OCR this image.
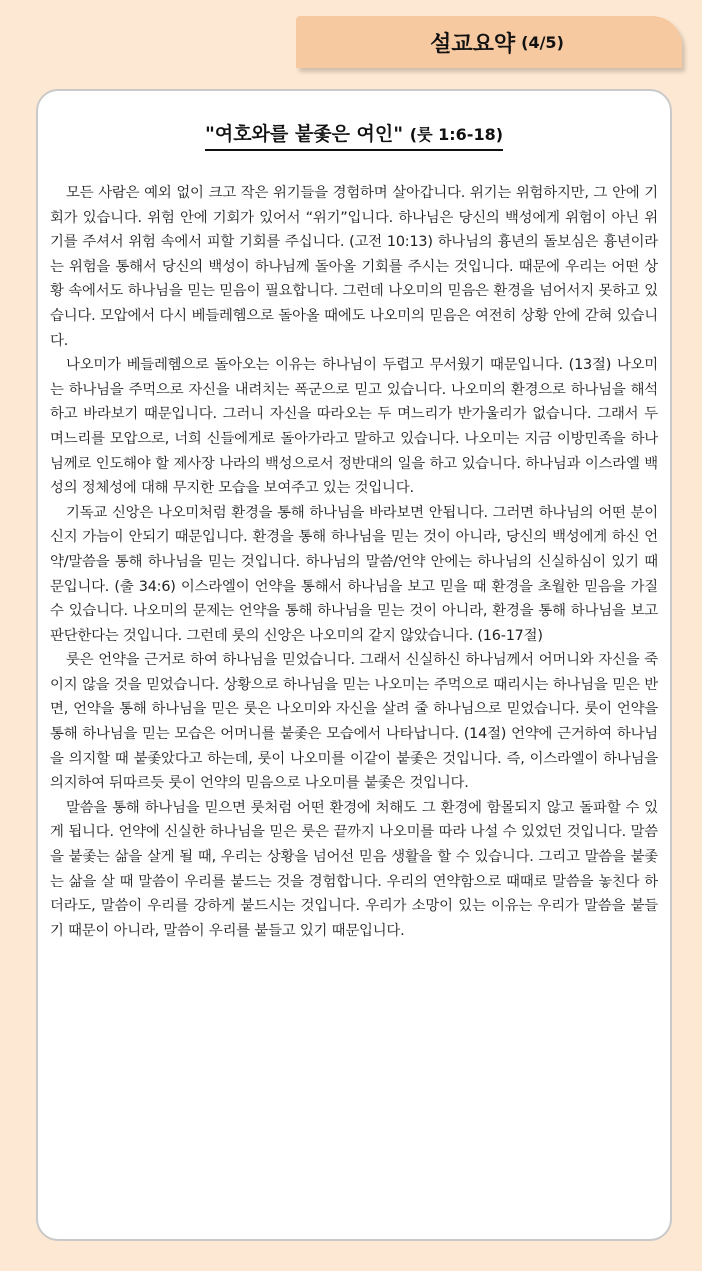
설교요약 (4/5)
"여호와를 붙좇은 여인" (룻 1:6-18)

모든 사람은 예외 없이 크고 작은 위기들을 경험하며 살아갑니다. 위기는 위험하지만, 그 안에 기회가 있습니다. 위험 안에 기회가 있어서 “위기”입니다. 하나님은 당신의 백성에게 위험이 아닌 위기를 주셔서 위험 속에서 피할 기회를 주십니다. (고전 10:13) 하나님의 흉년의 돌보심은 흉년이라는 위험을 통해서 당신의 백성이 하나님께 돌아올 기회를 주시는 것입니다. 때문에 우리는 어떤 상황 속에서도 하나님을 믿는 믿음이 필요합니다. 그런데 나오미의 믿음은 환경을 넘어서지 못하고 있습니다. 모압에서 다시 베들레헴으로 돌아올 때에도 나오미의 믿음은 여전히 상황 안에 갇혀 있습니다.

나오미가 베들레헴으로 돌아오는 이유는 하나님이 두렵고 무서웠기 때문입니다. (13절) 나오미는 하나님을 주먹으로 자신을 내려치는 폭군으로 믿고 있습니다. 나오미의 환경으로 하나님을 해석하고 바라보기 때문입니다. 그러니 자신을 따라오는 두 며느리가 반가울리가 없습니다. 그래서 두 며느리를 모압으로, 너희 신들에게로 돌아가라고 말하고 있습니다. 나오미는 지금 이방민족을 하나님께로 인도해야 할 제사장 나라의 백성으로서 정반대의 일을 하고 있습니다. 하나님과 이스라엘 백성의 정체성에 대해 무지한 모습을 보여주고 있는 것입니다.

기독교 신앙은 나오미처럼 환경을 통해 하나님을 바라보면 안됩니다. 그러면 하나님의 어떤 분이신지 가늠이 안되기 때문입니다. 환경을 통해 하나님을 믿는 것이 아니라, 당신의 백성에게 하신 언약/말씀을 통해 하나님을 믿는 것입니다. 하나님의 말씀/언약 안에는 하나님의 신실하심이 있기 때문입니다. (출 34:6) 이스라엘이 언약을 통해서 하나님을 보고 믿을 때 환경을 초월한 믿음을 가질 수 있습니다. 나오미의 문제는 언약을 통해 하나님을 믿는 것이 아니라, 환경을 통해 하나님을 보고 판단한다는 것입니다. 그런데 룻의 신앙은 나오미의 같지 않았습니다. (16-17절)

룻은 언약을 근거로 하여 하나님을 믿었습니다. 그래서 신실하신 하나님께서 어머니와 자신을 죽이지 않을 것을 믿었습니다. 상황으로 하나님을 믿는 나오미는 주먹으로 때리시는 하나님을 믿은 반면, 언약을 통해 하나님을 믿은 룻은 나오미와 자신을 살려 줄 하나님으로 믿었습니다. 룻이 언약을 통해 하나님을 믿는 모습은 어머니를 붙좇은 모습에서 나타납니다. (14절) 언약에 근거하여 하나님을 의지할 때 붙좇았다고 하는데, 룻이 나오미를 이같이 붙좇은 것입니다. 즉, 이스라엘이 하나님을 의지하여 뒤따르듯 룻이 언약의 믿음으로 나오미를 붙좇은 것입니다.

말씀을 통해 하나님을 믿으면 룻처럼 어떤 환경에 처해도 그 환경에 함몰되지 않고 돌파할 수 있게 됩니다. 언약에 신실한 하나님을 믿은 룻은 끝까지 나오미를 따라 나설 수 있었던 것입니다. 말씀을 붙좇는 삶을 살게 될 때, 우리는 상황을 넘어선 믿음 생활을 할 수 있습니다. 그리고 말씀을 붙좇는 삶을 살 때 말씀이 우리를 붙드는 것을 경험합니다. 우리의 연약함으로 때때로 말씀을 놓친다 하더라도, 말씀이 우리를 강하게 붙드시는 것입니다. 우리가 소망이 있는 이유는 우리가 말씀을 붙들기 때문이 아니라, 말씀이 우리를 붙들고 있기 때문입니다.
